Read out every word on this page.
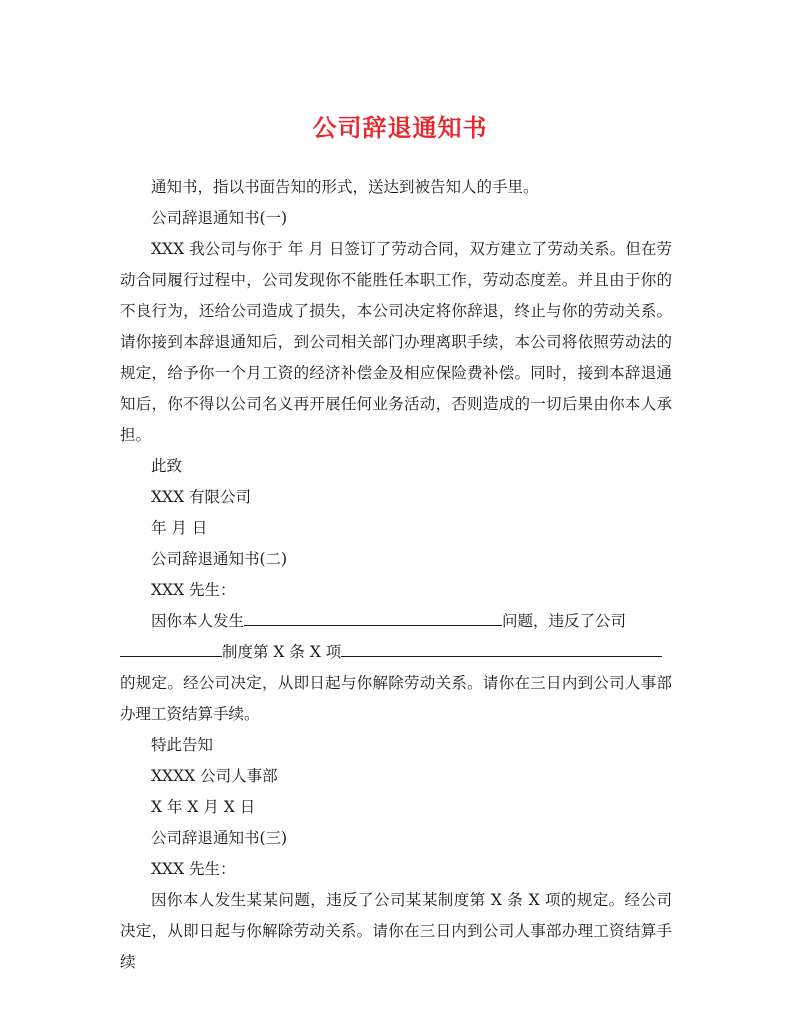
公司辞退通知书

通知书，指以书面告知的形式，送达到被告知人的手里。

公司辞退通知书(一)

XXX 我公司与你于 年 月 日签订了劳动合同，双方建立了劳动关系。但在劳动合同履行过程中，公司发现你不能胜任本职工作，劳动态度差。并且由于你的不良行为，还给公司造成了损失，本公司决定将你辞退，终止与你的劳动关系。请你接到本辞退通知后，到公司相关部门办理离职手续，本公司将依照劳动法的规定，给予你一个月工资的经济补偿金及相应保险费补偿。同时，接到本辞退通知后，你不得以公司名义再开展任何业务活动，否则造成的一切后果由你本人承担。

此致

XXX 有限公司

年 月 日

公司辞退通知书(二)

XXX 先生：

因你本人发生	问题，违反了公司

制度第 X 条 X 项

的规定。经公司决定，从即日起与你解除劳动关系。请你在三日内到公司人事部办理工资结算手续。

特此告知

XXXX 公司人事部

X 年 X 月 X 日

公司辞退通知书(三)

XXX 先生：

因你本人发生某某问题，违反了公司某某制度第 X 条 X 项的规定。经公司决定，从即日起与你解除劳动关系。请你在三日内到公司人事部办理工资结算手续
